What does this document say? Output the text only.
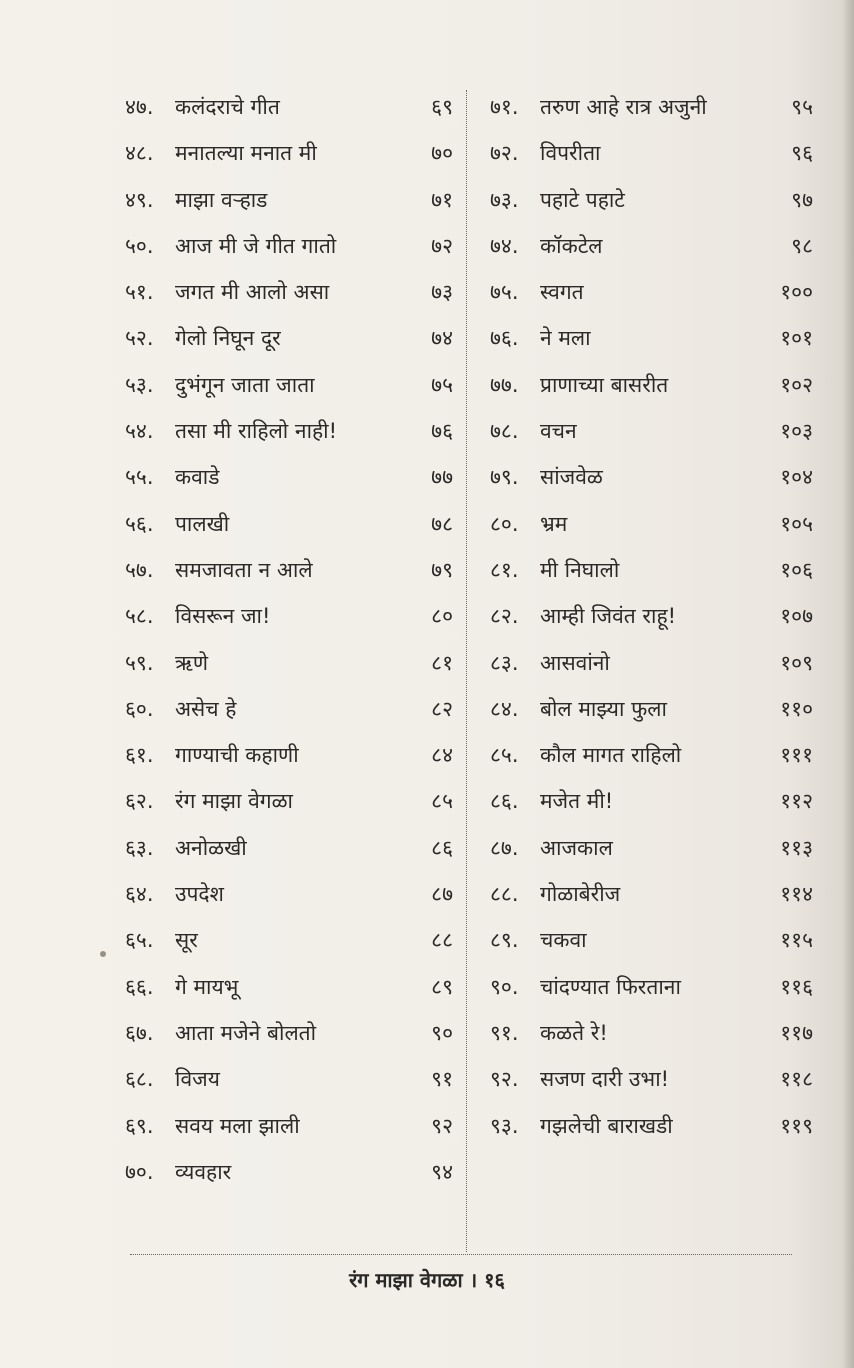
४७. कलंदराचे गीत	६९
४८. मनातल्या मनात मी	७०
४९. माझा वऱ्हाड	७१
५०. आज मी जे गीत गातो	७२
५१. जगत मी आलो असा	७३
५२. गेलो निघून दूर	७४
५३. दुभंगून जाता जाता	७५
५४. तसा मी राहिलो नाही!	७६
५५. कवाडे	७७
५६. पालखी	७८
५७. समजावता न आले	७९
५८. विसरून जा!	८०
५९. ऋणे	८१
६०. असेच हे	८२
६१. गाण्याची कहाणी	८४
६२. रंग माझा वेगळा	८५
६३. अनोळखी	८६
६४. उपदेश	८७
६५. सूर	८८
६६. गे मायभू	८९
६७. आता मजेने बोलतो	९०
६८. विजय	९१
६९. सवय मला झाली	९२
७०. व्यवहार	९४
७१. तरुण आहे रात्र अजुनी	९५
७२. विपरीता	९६
७३. पहाटे पहाटे	९७
७४. कॉकटेल	९८
७५. स्वगत	१००
७६. ने मला	१०१
७७. प्राणाच्या बासरीत	१०२
७८. वचन	१०३
७९. सांजवेळ	१०४
८०. भ्रम	१०५
८१. मी निघालो	१०६
८२. आम्ही जिवंत राहू!	१०७
८३. आसवांनो	१०९
८४. बोल माझ्या फुला	११०
८५. कौल मागत राहिलो	१११
८६. मजेत मी!	११२
८७. आजकाल	११३
८८. गोळाबेरीज	११४
८९. चकवा	११५
९०. चांदण्यात फिरताना	११६
९१. कळते रे!	११७
९२. सजण दारी उभा!	११८
९३. गझलेची बाराखडी	११९
रंग माझा वेगळा । १६
